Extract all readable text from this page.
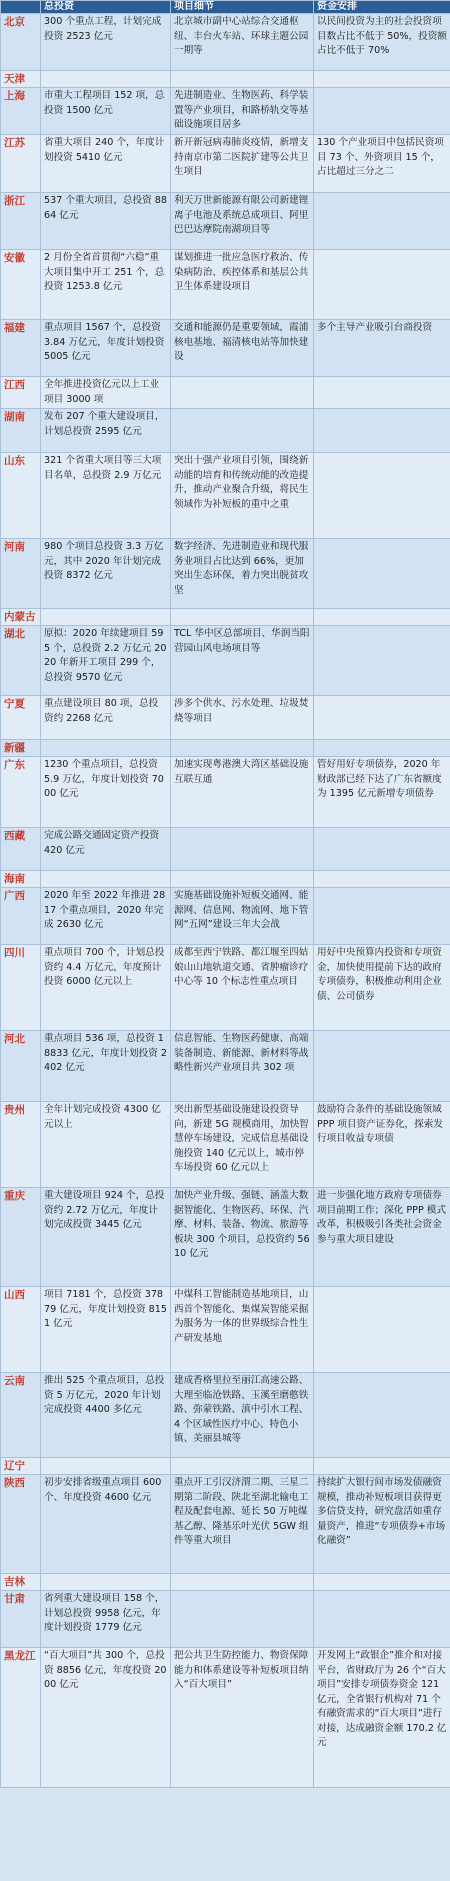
	总投资	项目细节	资金安排
北京	300 个重点工程，计划完成投资 2523 亿元	北京城市副中心站综合交通枢纽、丰台火车站、环球主题公园一期等	以民间投资为主的社会投资项目数占比不低于 50%，投资额占比不低于 70%
天津			
上海	市重大工程项目 152 项，总投资 1500 亿元	先进制造业、生物医药、科学装置等产业项目，和路桥轨交等基础设施项目居多	
江苏	省重大项目 240 个，年度计划投资 5410 亿元	新开新冠病毒肺炎疫情，新增支持南京市第二医院扩建等公共卫生项目	130 个产业项目中包括民资项目 73 个、外资项目 15 个，占比超过三分之二
浙江	537 个重大项目，总投资 8864 亿元	利天万世新能源有限公司新建锂离子电池及系统总成项目、阿里巴巴达摩院南湖项目等	
安徽	2 月份全省首贯彻“六稳”重大项目集中开工 251 个，总投资 1253.8 亿元	谋划推进一批应急医疗救治、传染病防治、疾控体系和基层公共卫生体系建设项目	
福建	重点项目 1567 个，总投资 3.84 万亿元，年度计划投资 5005 亿元	交通和能源仍是重要领域，霞浦核电基地、福清核电站等加快建设	多个主导产业吸引台商投资
江西	全年推进投资亿元以上工业项目 3000 项		
湖南	发布 207 个重大建设项目，计划总投资 2595 亿元		
山东	321 个省重大项目等三大项目名单，总投资 2.9 万亿元	突出十强产业项目引领，围绕新动能的培育和传统动能的改造提升，推动产业聚合升级，将民生领域作为补短板的重中之重	
河南	980 个项目总投资 3.3 万亿元，其中 2020 年计划完成投资 8372 亿元	数字经济、先进制造业和现代服务业项目占比达到 66%，更加突出生态环保，着力突出脱贫攻坚	
内蒙古			
湖北	原拟：2020 年续建项目 595 个，总投资 2.2 万亿元 2020 年新开工项目 299 个，总投资 9570 亿元	TCL 华中区总部项目、华润当阳营园山风电场项目等	
宁夏	重点建设项目 80 项，总投资约 2268 亿元	涉多个供水、污水处理、垃圾焚烧等项目	
新疆			
广东	1230 个重点项目，总投资 5.9 万亿，年度计划投资 7000 亿元	加速实现粤港澳大湾区基础设施互联互通	管好用好专项债券，2020 年财政部已经下达了广东省额度为 1395 亿元新增专项债券
西藏	完成公路交通固定资产投资 420 亿元		
海南			
广西	2020 年至 2022 年推进 2817 个重点项目，2020 年完成 2630 亿元	实施基础设施补短板交通网、能源网、信息网、物流网、地下管网“五网”建设三年大会战	
四川	重点项目 700 个，计划总投资约 4.4 万亿元，年度预计投资 6000 亿元以上	成都至西宁铁路、都江堰至四姑娘山山地轨道交通、省肿瘤诊疗中心等 10 个标志性重点项目	用好中央预算内投资和专项资金，加快使用提前下达的政府专项债券，积极推动利用企业债、公司债券
河北	重点项目 536 项，总投资 18833 亿元，年度计划投资 2402 亿元	信息智能、生物医药健康、高端装备制造、新能源、新材料等战略性新兴产业项目共 302 项	
贵州	全年计划完成投资 4300 亿元以上	突出新型基础设施建设投资导向，新建 5G 规模商用，加快智慧停车场建设，完成信息基础设施投资 140 亿元以上，城市停车场投资 60 亿元以上	鼓励符合条件的基础设施领域 PPP 项目资产证券化，探索发行项目收益专项债
重庆	重大建设项目 924 个，总投资约 2.72 万亿元，年度计划完成投资 3445 亿元	加快产业升级、强链、涵盖大数据智能化、生物医药、环保、汽摩、材料、装备、物流、旅游等板块 300 个项目，总投资约 5610 亿元	进一步强化地方政府专项债券项目前期工作；深化 PPP 模式改革，积极吸引各类社会资金参与重大项目建设
山西	项目 7181 个，总投资 37879 亿元，年度计划投资 8151 亿元	中煤科工智能制造基地项目，山西首个智能化、集煤炭智能采掘为服务为一体的世界级综合性生产研发基地	
云南	推出 525 个重点项目，总投资 5 万亿元，2020 年计划完成投资 4400 多亿元	建成香格里拉至丽江高速公路、大理至临沧铁路、玉溪至磨憨铁路、弥蒙铁路、滇中引水工程、4 个区域性医疗中心、特色小镇、美丽县城等	
辽宁			
陕西	初步安排省级重点项目 600 个、年度投资 4600 亿元	重点开工引汉济渭二期、三星二期第二阶段、陕北至湖北输电工程及配套电源、延长 50 万吨煤基乙醇、隆基乐叶光伏 5GW 组件等重大项目	持续扩大银行间市场发债融资规模，推动补短板项目获得更多信贷支持，研究盘活如重存量资产，推进“专项债券+市场化融资”
吉林			
甘肃	省列重大建设项目 158 个，计划总投资 9958 亿元，年度计划投资 1779 亿元		
黑龙江	“百大项目”共 300 个，总投资 8856 亿元，年度投资 2000 亿元	把公共卫生防控能力、物资保障能力和体系建设等补短板项目纳入“百大项目”	开发网上“政银企”推介和对接平台，省财政厅为 26 个“百大项目”安排专项债券资金 121 亿元，全省银行机构对 71 个有融资需求的“百大项目”进行对接，达成融资金额 170.2 亿元
